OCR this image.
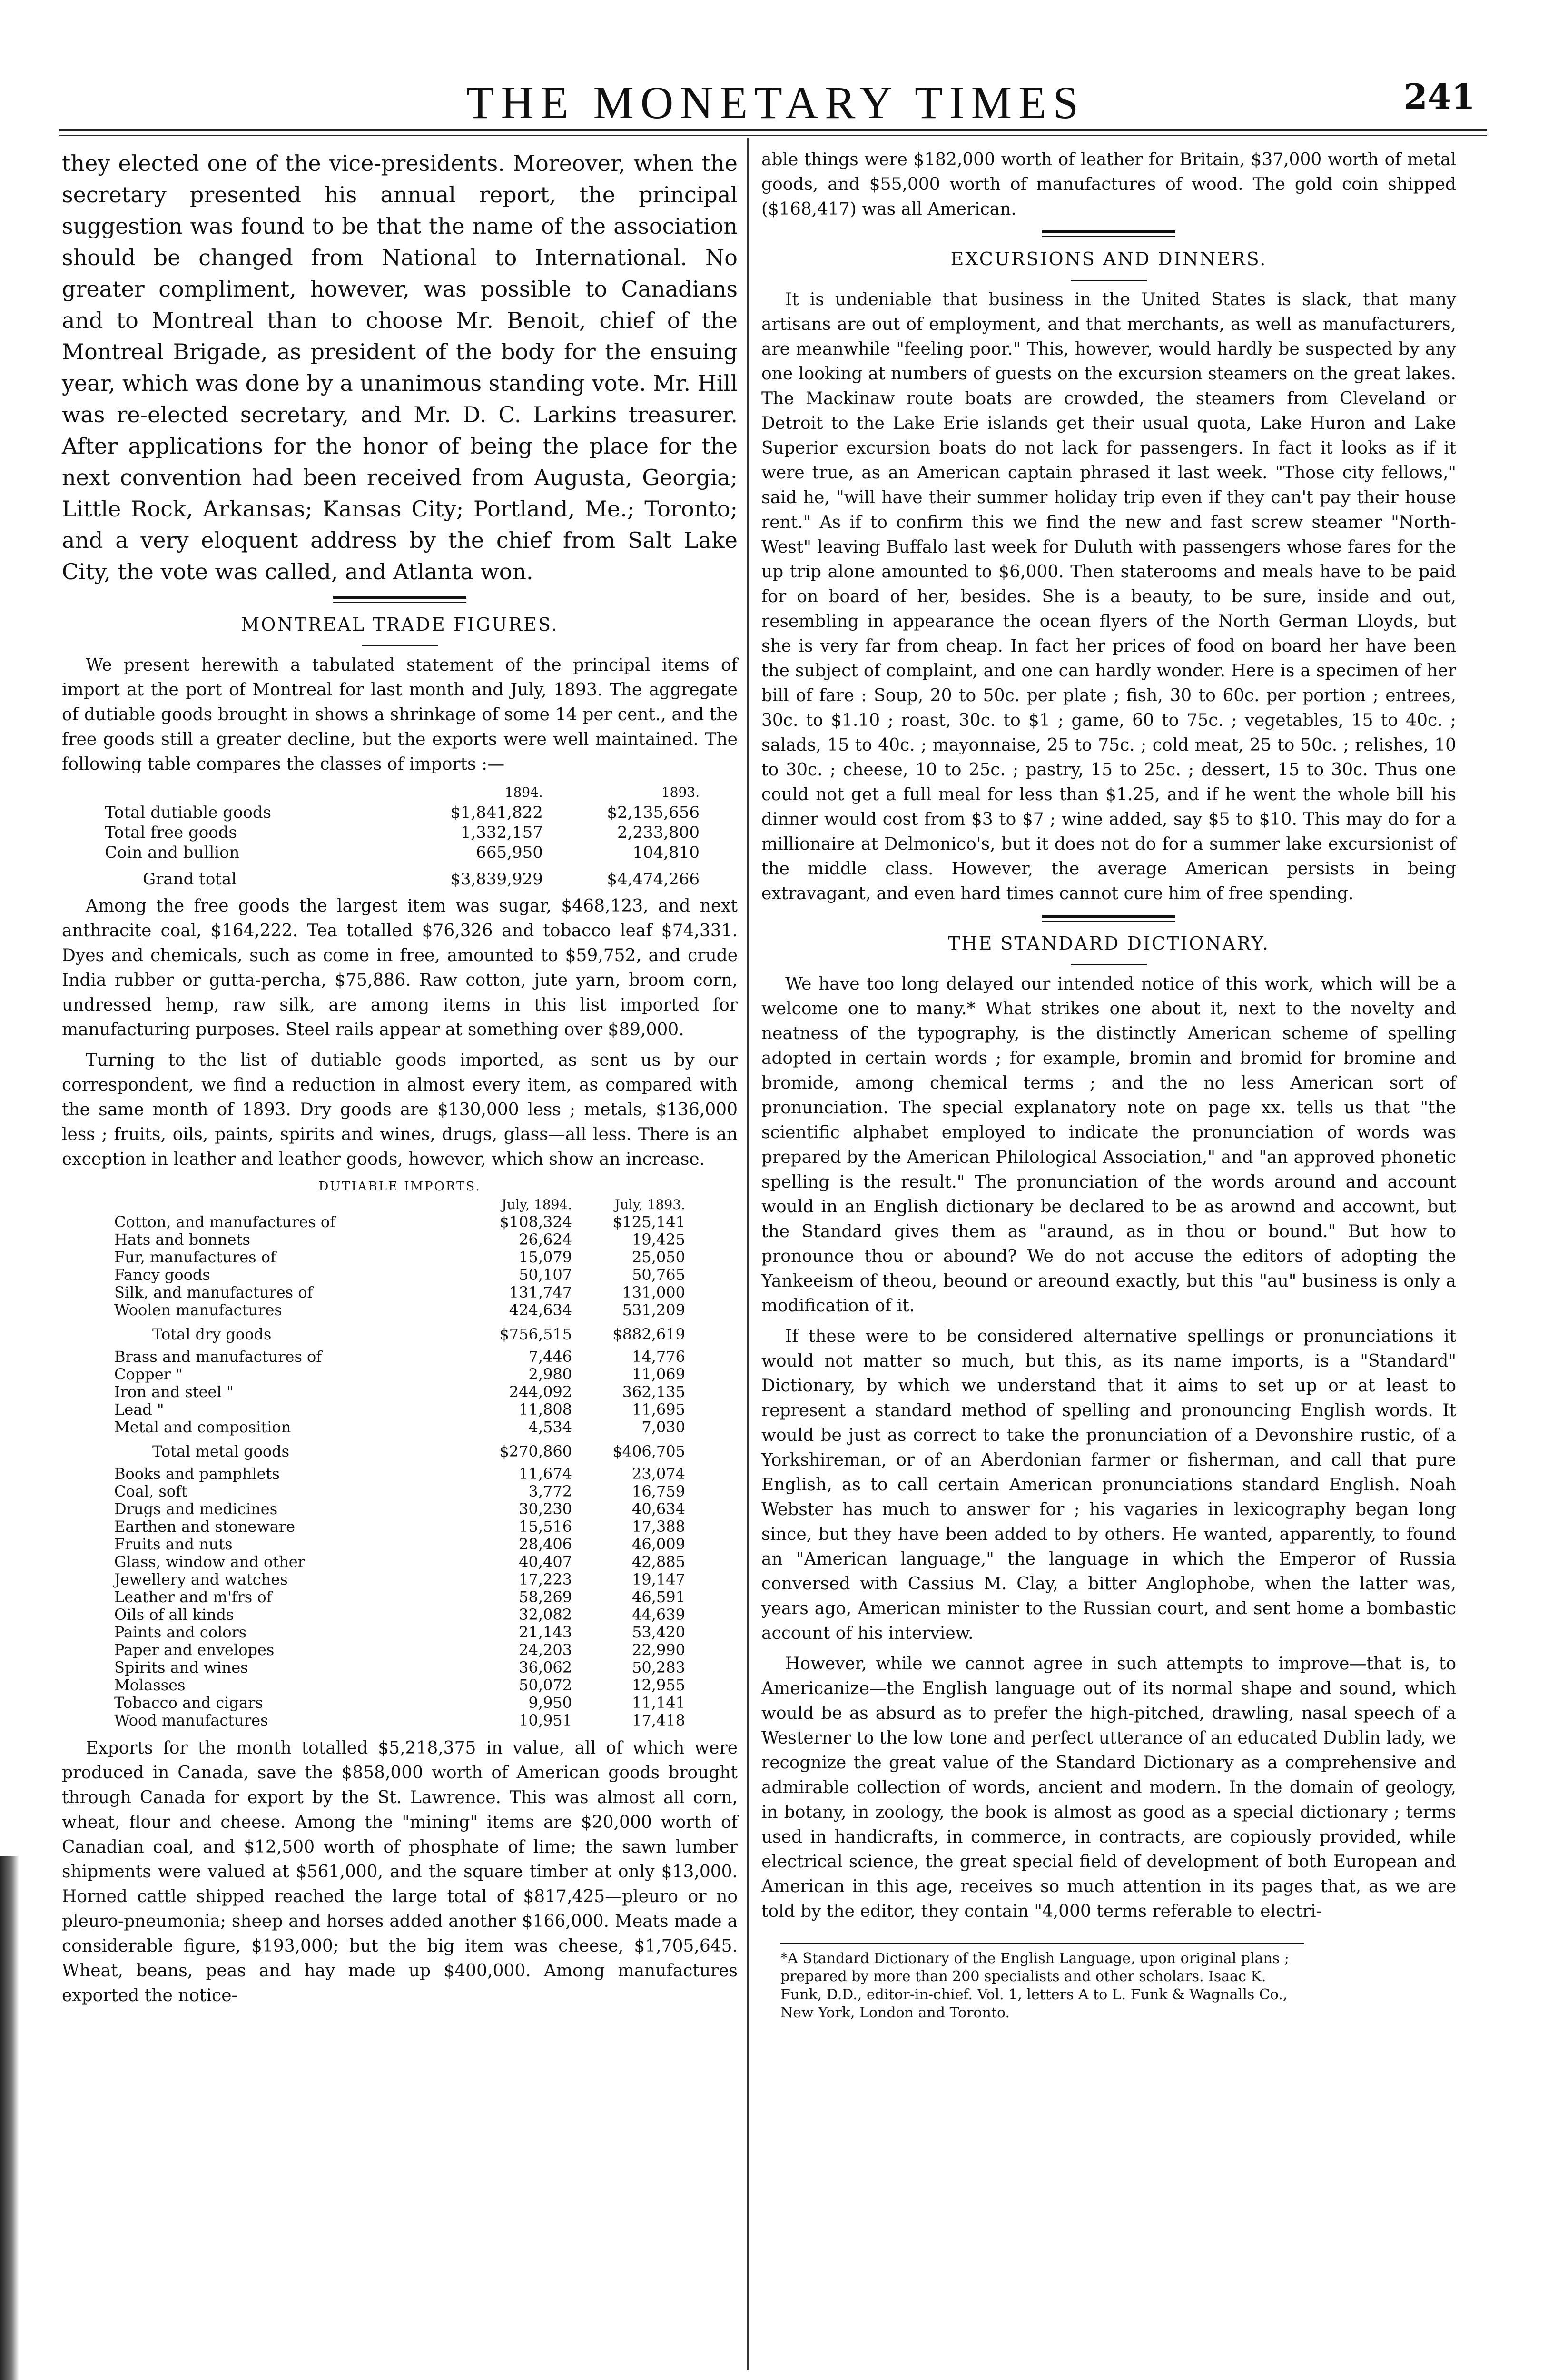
THE MONETARY TIMES	241

they elected one of the vice-presidents. Moreover, when the secretary presented his annual report, the principal suggestion was found to be that the name of the association should be changed from National to International. No greater compliment, however, was possible to Canadians and to Montreal than to choose Mr. Benoit, chief of the Montreal Brigade, as president of the body for the ensuing year, which was done by a unanimous standing vote. Mr. Hill was re-elected secretary, and Mr. D. C. Larkins treasurer. After applications for the honor of being the place for the next convention had been received from Augusta, Georgia; Little Rock, Arkansas; Kansas City; Portland, Me.; Toronto; and a very eloquent address by the chief from Salt Lake City, the vote was called, and Atlanta won.

MONTREAL TRADE FIGURES.

We present herewith a tabulated statement of the principal items of import at the port of Montreal for last month and July, 1893. The aggregate of dutiable goods brought in shows a shrinkage of some 14 per cent., and the free goods still a greater decline, but the exports were well maintained. The following table compares the classes of imports :—

	1894.	1893.
Total dutiable goods	$1,841,822	$2,135,656
Total free goods	1,332,157	2,233,800
Coin and bullion	665,950	104,810
Grand total	$3,839,929	$4,474,266

Among the free goods the largest item was sugar, $468,123, and next anthracite coal, $164,222. Tea totalled $76,326 and tobacco leaf $74,331. Dyes and chemicals, such as come in free, amounted to $59,752, and crude India rubber or gutta-percha, $75,886. Raw cotton, jute yarn, broom corn, undressed hemp, raw silk, are among items in this list imported for manufacturing purposes. Steel rails appear at something over $89,000.

Turning to the list of dutiable goods imported, as sent us by our correspondent, we find a reduction in almost every item, as compared with the same month of 1893. Dry goods are $130,000 less ; metals, $136,000 less ; fruits, oils, paints, spirits and wines, drugs, glass—all less. There is an exception in leather and leather goods, however, which show an increase.

DUTIABLE IMPORTS.
	July, 1894.	July, 1893.
Cotton, and manufactures of	$108,324	$125,141
Hats and bonnets	26,624	19,425
Fur, manufactures of	15,079	25,050
Fancy goods	50,107	50,765
Silk, and manufactures of	131,747	131,000
Woolen manufactures	424,634	531,209
Total dry goods	$756,515	$882,619
Brass and manufactures of	7,446	14,776
Copper "	2,980	11,069
Iron and steel "	244,092	362,135
Lead "	11,808	11,695
Metal and composition	4,534	7,030
Total metal goods	$270,860	$406,705
Books and pamphlets	11,674	23,074
Coal, soft	3,772	16,759
Drugs and medicines	30,230	40,634
Earthen and stoneware	15,516	17,388
Fruits and nuts	28,406	46,009
Glass, window and other	40,407	42,885
Jewellery and watches	17,223	19,147
Leather and m'frs of	58,269	46,591
Oils of all kinds	32,082	44,639
Paints and colors	21,143	53,420
Paper and envelopes	24,203	22,990
Spirits and wines	36,062	50,283
Molasses	50,072	12,955
Tobacco and cigars	9,950	11,141
Wood manufactures	10,951	17,418

Exports for the month totalled $5,218,375 in value, all of which were produced in Canada, save the $858,000 worth of American goods brought through Canada for export by the St. Lawrence. This was almost all corn, wheat, flour and cheese. Among the "mining" items are $20,000 worth of Canadian coal, and $12,500 worth of phosphate of lime; the sawn lumber shipments were valued at $561,000, and the square timber at only $13,000. Horned cattle shipped reached the large total of $817,425—pleuro or no pleuro-pneumonia; sheep and horses added another $166,000. Meats made a considerable figure, $193,000; but the big item was cheese, $1,705,645. Wheat, beans, peas and hay made up $400,000. Among manufactures exported the notice-

able things were $182,000 worth of leather for Britain, $37,000 worth of metal goods, and $55,000 worth of manufactures of wood. The gold coin shipped ($168,417) was all American.

EXCURSIONS AND DINNERS.

It is undeniable that business in the United States is slack, that many artisans are out of employment, and that merchants, as well as manufacturers, are meanwhile "feeling poor." This, however, would hardly be suspected by any one looking at numbers of guests on the excursion steamers on the great lakes. The Mackinaw route boats are crowded, the steamers from Cleveland or Detroit to the Lake Erie islands get their usual quota, Lake Huron and Lake Superior excursion boats do not lack for passengers. In fact it looks as if it were true, as an American captain phrased it last week. "Those city fellows," said he, "will have their summer holiday trip even if they can't pay their house rent." As if to confirm this we find the new and fast screw steamer "North-West" leaving Buffalo last week for Duluth with passengers whose fares for the up trip alone amounted to $6,000. Then staterooms and meals have to be paid for on board of her, besides. She is a beauty, to be sure, inside and out, resembling in appearance the ocean flyers of the North German Lloyds, but she is very far from cheap. In fact her prices of food on board her have been the subject of complaint, and one can hardly wonder. Here is a specimen of her bill of fare : Soup, 20 to 50c. per plate ; fish, 30 to 60c. per portion ; entrees, 30c. to $1.10 ; roast, 30c. to $1 ; game, 60 to 75c. ; vegetables, 15 to 40c. ; salads, 15 to 40c. ; mayonnaise, 25 to 75c. ; cold meat, 25 to 50c. ; relishes, 10 to 30c. ; cheese, 10 to 25c. ; pastry, 15 to 25c. ; dessert, 15 to 30c. Thus one could not get a full meal for less than $1.25, and if he went the whole bill his dinner would cost from $3 to $7 ; wine added, say $5 to $10. This may do for a millionaire at Delmonico's, but it does not do for a summer lake excursionist of the middle class. However, the average American persists in being extravagant, and even hard times cannot cure him of free spending.

THE STANDARD DICTIONARY.

We have too long delayed our intended notice of this work, which will be a welcome one to many.* What strikes one about it, next to the novelty and neatness of the typography, is the distinctly American scheme of spelling adopted in certain words ; for example, bromin and bromid for bromine and bromide, among chemical terms ; and the no less American sort of pronunciation. The special explanatory note on page xx. tells us that "the scientific alphabet employed to indicate the pronunciation of words was prepared by the American Philological Association," and "an approved phonetic spelling is the result." The pronunciation of the words around and account would in an English dictionary be declared to be as arownd and accownt, but the Standard gives them as "araund, as in thou or bound." But how to pronounce thou or abound? We do not accuse the editors of adopting the Yankeeism of theou, beound or areound exactly, but this "au" business is only a modification of it.

If these were to be considered alternative spellings or pronunciations it would not matter so much, but this, as its name imports, is a "Standard" Dictionary, by which we understand that it aims to set up or at least to represent a standard method of spelling and pronouncing English words. It would be just as correct to take the pronunciation of a Devonshire rustic, of a Yorkshireman, or of an Aberdonian farmer or fisherman, and call that pure English, as to call certain American pronunciations standard English. Noah Webster has much to answer for ; his vagaries in lexicography began long since, but they have been added to by others. He wanted, apparently, to found an "American language," the language in which the Emperor of Russia conversed with Cassius M. Clay, a bitter Anglophobe, when the latter was, years ago, American minister to the Russian court, and sent home a bombastic account of his interview.

However, while we cannot agree in such attempts to improve—that is, to Americanize—the English language out of its normal shape and sound, which would be as absurd as to prefer the high-pitched, drawling, nasal speech of a Westerner to the low tone and perfect utterance of an educated Dublin lady, we recognize the great value of the Standard Dictionary as a comprehensive and admirable collection of words, ancient and modern. In the domain of geology, in botany, in zoology, the book is almost as good as a special dictionary ; terms used in handicrafts, in commerce, in contracts, are copiously provided, while electrical science, the great special field of development of both European and American in this age, receives so much attention in its pages that, as we are told by the editor, they contain "4,000 terms referable to electri-

*A Standard Dictionary of the English Language, upon original plans ; prepared by more than 200 specialists and other scholars. Isaac K. Funk, D.D., editor-in-chief. Vol. 1, letters A to L. Funk & Wagnalls Co., New York, London and Toronto.
